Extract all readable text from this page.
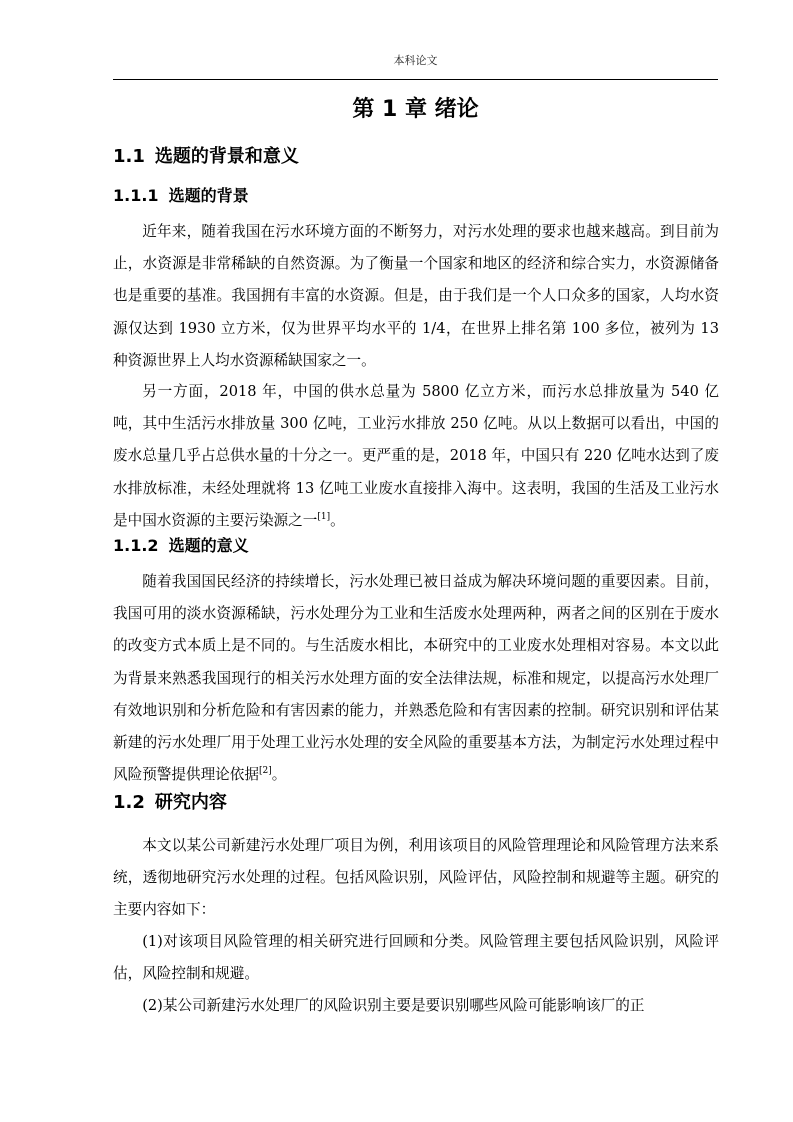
本科论文
第 1 章 绪论
1.1 选题的背景和意义
1.1.1 选题的背景

近年来，随着我国在污水环境方面的不断努力，对污水处理的要求也越来越高。到目前为止，水资源是非常稀缺的自然资源。为了衡量一个国家和地区的经济和综合实力，水资源储备也是重要的基准。我国拥有丰富的水资源。但是，由于我们是一个人口众多的国家，人均水资源仅达到 1930 立方米，仅为世界平均水平的 1/4，在世界上排名第 100 多位，被列为 13 种资源世界上人均水资源稀缺国家之一。

另一方面，2018 年，中国的供水总量为 5800 亿立方米，而污水总排放量为 540 亿吨，其中生活污水排放量 300 亿吨，工业污水排放 250 亿吨。从以上数据可以看出，中国的废水总量几乎占总供水量的十分之一。更严重的是，2018 年，中国只有 220 亿吨水达到了废水排放标准，未经处理就将 13 亿吨工业废水直接排入海中。这表明，我国的生活及工业污水是中国水资源的主要污染源之一[1]。

1.1.2 选题的意义

随着我国国民经济的持续增长，污水处理已被日益成为解决环境问题的重要因素。目前，我国可用的淡水资源稀缺，污水处理分为工业和生活废水处理两种，两者之间的区别在于废水的改变方式本质上是不同的。与生活废水相比，本研究中的工业废水处理相对容易。本文以此为背景来熟悉我国现行的相关污水处理方面的安全法律法规，标准和规定，以提高污水处理厂有效地识别和分析危险和有害因素的能力，并熟悉危险和有害因素的控制。研究识别和评估某新建的污水处理厂用于处理工业污水处理的安全风险的重要基本方法，为制定污水处理过程中风险预警提供理论依据[2]。

1.2 研究内容

本文以某公司新建污水处理厂项目为例，利用该项目的风险管理理论和风险管理方法来系统，透彻地研究污水处理的过程。包括风险识别，风险评估，风险控制和规避等主题。研究的主要内容如下：

(1)对该项目风险管理的相关研究进行回顾和分类。风险管理主要包括风险识别，风险评估，风险控制和规避。

(2)某公司新建污水处理厂的风险识别主要是要识别哪些风险可能影响该厂的正
